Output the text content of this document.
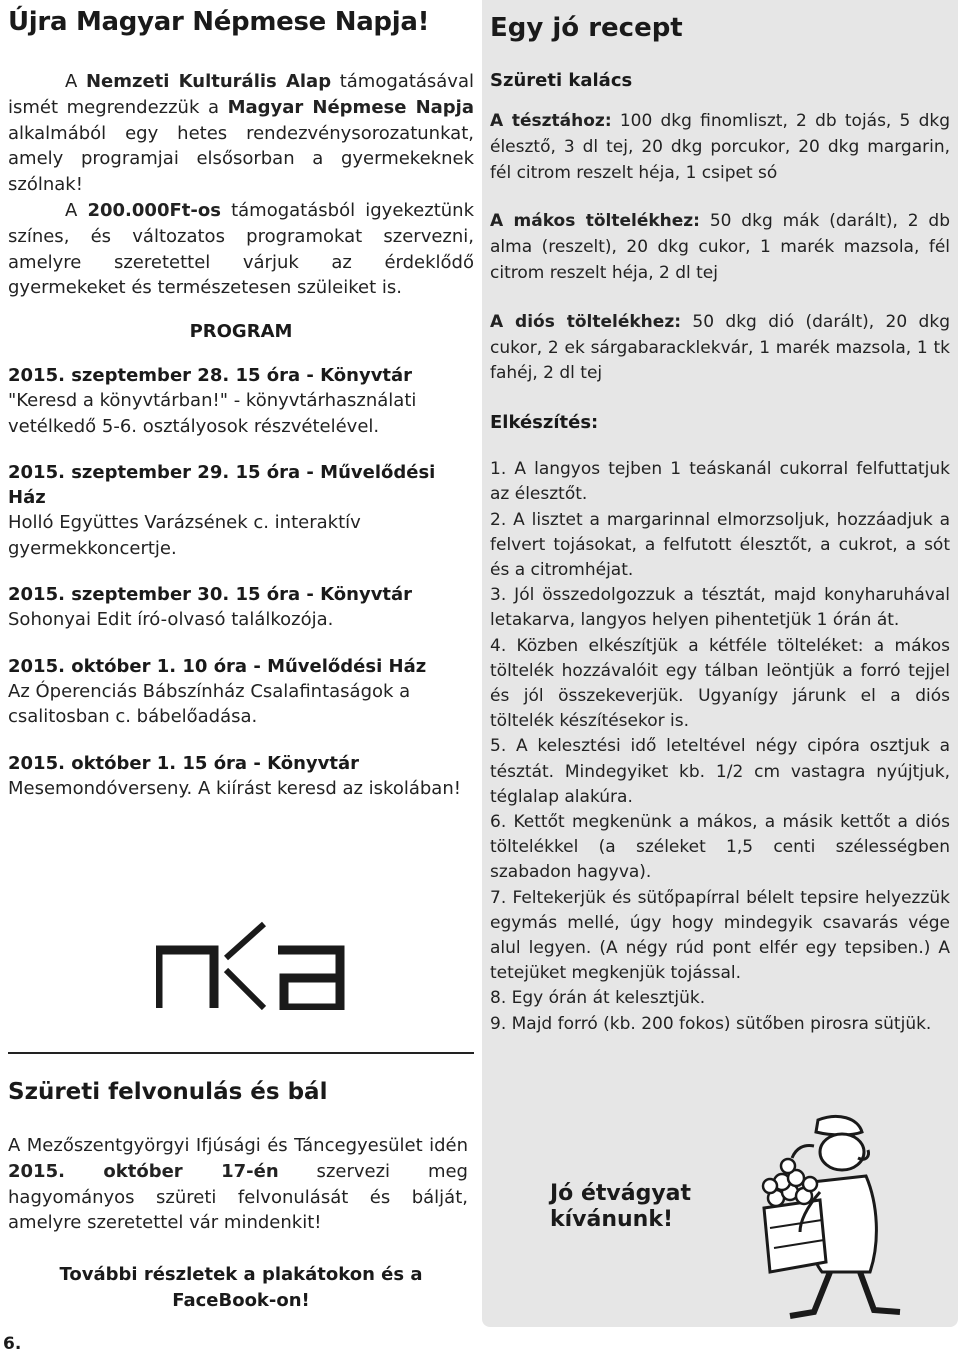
Újra Magyar Népmese Napja!

A Nemzeti Kulturális Alap támogatásával ismét megrendezzük a Magyar Népmese Napja alkalmából egy hetes rendezvénysorozatunkat, amely programjai elsősorban a gyermekeknek szólnak!

A 200.000Ft-os támogatásból igyekeztünk színes, és változatos programokat szervezni, amelyre szeretettel várjuk az érdeklődő gyermekeket és természetesen szüleiket is.

PROGRAM

2015. szeptember 28. 15 óra - Könyvtár

"Keresd a könyvtárban!" - könyvtárhasználati vetélkedő 5-6. osztályosok részvételével.

2015. szeptember 29. 15 óra - Művelődési Ház

Holló Együttes Varázsének c. interaktív gyermekkoncertje.

2015. szeptember 30. 15 óra - Könyvtár

Sohonyai Edit író-olvasó találkozója.

2015. október 1. 10 óra - Művelődési Ház

Az Óperenciás Bábszínház Csalafintaságok a csalitosban c. bábelőadása.

2015. október 1. 15 óra - Könyvtár

Mesemondóverseny. A kiírást keresd az iskolában!

Szüreti felvonulás és bál

A Mezőszentgyörgyi Ifjúsági és Táncegyesület idén 2015. október 17-én szervezi meg hagyományos szüreti felvonulását és bálját, amelyre szeretettel vár mindenkit!

További részletek a plakátokon és a FaceBook-on!
6.
Egy jó recept

Szüreti kalács

A tésztához: 100 dkg finomliszt, 2 db tojás, 5 dkg élesztő, 3 dl tej, 20 dkg porcukor, 20 dkg margarin, fél citrom reszelt héja, 1 csipet só

A mákos töltelékhez: 50 dkg mák (darált), 2 db alma (reszelt), 20 dkg cukor, 1 marék mazsola, fél citrom reszelt héja, 2 dl tej

A diós töltelékhez: 50 dkg dió (darált), 20 dkg cukor, 2 ek sárgabaracklekvár, 1 marék mazsola, 1 tk fahéj, 2 dl tej

Elkészítés:

1. A langyos tejben 1 teáskanál cukorral felfuttatjuk az élesztőt.

2. A lisztet a margarinnal elmorzsoljuk, hozzáadjuk a felvert tojásokat, a felfutott élesztőt, a cukrot, a sót és a citromhéjat.

3. Jól összedolgozzuk a tésztát, majd konyharuhával letakarva, langyos helyen pihentetjük 1 órán át.

4. Közben elkészítjük a kétféle tölteléket: a mákos töltelék hozzávalóit egy tálban leöntjük a forró tejjel és jól összekeverjük. Ugyanígy járunk el a diós töltelék készítésekor is.

5. A kelesztési idő leteltével négy cipóra osztjuk a tésztát. Mindegyiket kb. 1/2 cm vastagra nyújtjuk, téglalap alakúra.

6. Kettőt megkenünk a mákos, a másik kettőt a diós töltelékkel (a széleket 1,5 centi szélességben szabadon hagyva).

7. Feltekerjük és sütőpapírral bélelt tepsire helyezzük egymás mellé, úgy hogy mindegyik csavarás vége alul legyen. (A négy rúd pont elfér egy tepsiben.) A tetejüket megkenjük tojással.

8. Egy órán át kelesztjük.

9. Majd forró (kb. 200 fokos) sütőben pirosra sütjük.

Jó étvágyat
kívánunk!
